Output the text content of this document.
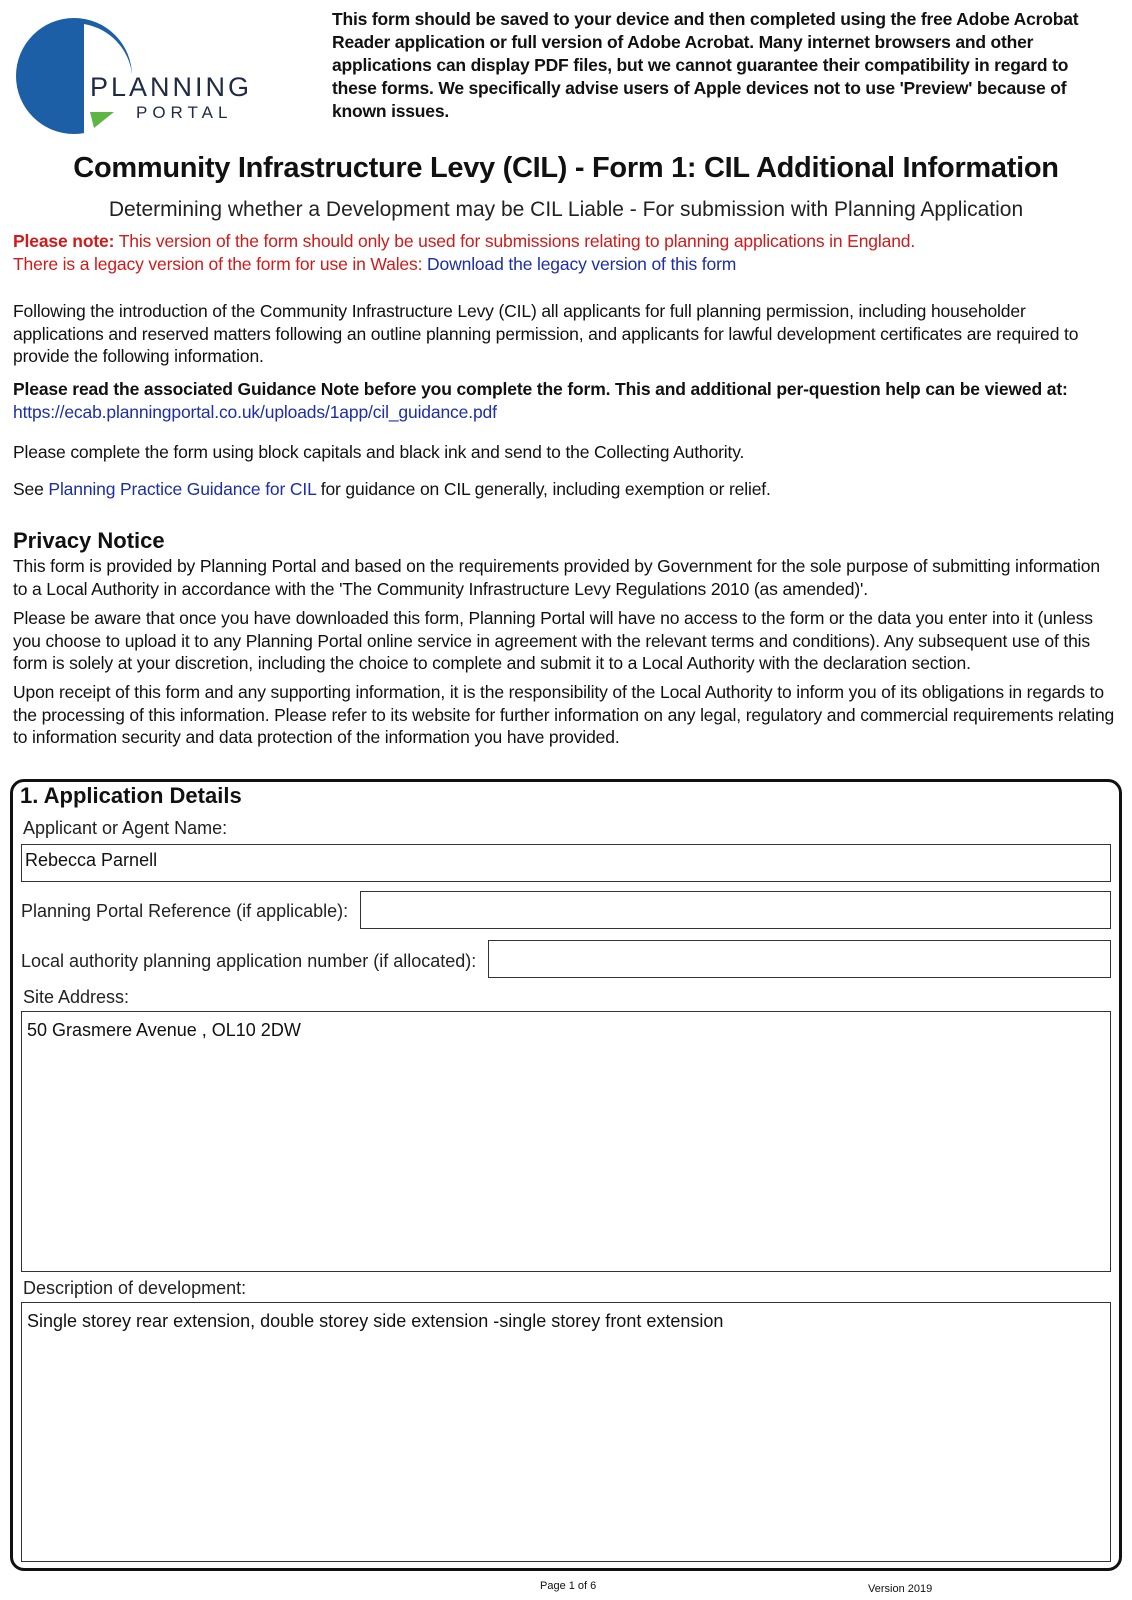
PLANNING
PORTAL
This form should be saved to your device and then completed using the free Adobe Acrobat Reader application or full version of Adobe Acrobat. Many internet browsers and other applications can display PDF files, but we cannot guarantee their compatibility in regard to these forms. We specifically advise users of Apple devices not to use 'Preview' because of known issues.
Community Infrastructure Levy (CIL) - Form 1: CIL Additional Information
Determining whether a Development may be CIL Liable - For submission with Planning Application
Please note: This version of the form should only be used for submissions relating to planning applications in England.
There is a legacy version of the form for use in Wales: Download the legacy version of this form
Following the introduction of the Community Infrastructure Levy (CIL) all applicants for full planning permission, including householder applications and reserved matters following an outline planning permission, and applicants for lawful development certificates are required to provide the following information.
Please read the associated Guidance Note before you complete the form. This and additional per-question help can be viewed at:
https://ecab.planningportal.co.uk/uploads/1app/cil_guidance.pdf
Please complete the form using block capitals and black ink and send to the Collecting Authority.
See Planning Practice Guidance for CIL for guidance on CIL generally, including exemption or relief.
Privacy Notice
This form is provided by Planning Portal and based on the requirements provided by Government for the sole purpose of submitting information to a Local Authority in accordance with the 'The Community Infrastructure Levy Regulations 2010 (as amended)'.
Please be aware that once you have downloaded this form, Planning Portal will have no access to the form or the data you enter into it (unless you choose to upload it to any Planning Portal online service in agreement with the relevant terms and conditions). Any subsequent use of this form is solely at your discretion, including the choice to complete and submit it to a Local Authority with the declaration section.
Upon receipt of this form and any supporting information, it is the responsibility of the Local Authority to inform you of its obligations in regards to the processing of this information. Please refer to its website for further information on any legal, regulatory and commercial requirements relating to information security and data protection of the information you have provided.
1. Application Details
Applicant or Agent Name:
Rebecca Parnell
Planning Portal Reference (if applicable):
Local authority planning application number (if allocated):
Site Address:
50 Grasmere Avenue , OL10 2DW
Description of development:
Single storey rear extension, double storey side extension -single storey front extension
Page 1 of 6	Version 2019
